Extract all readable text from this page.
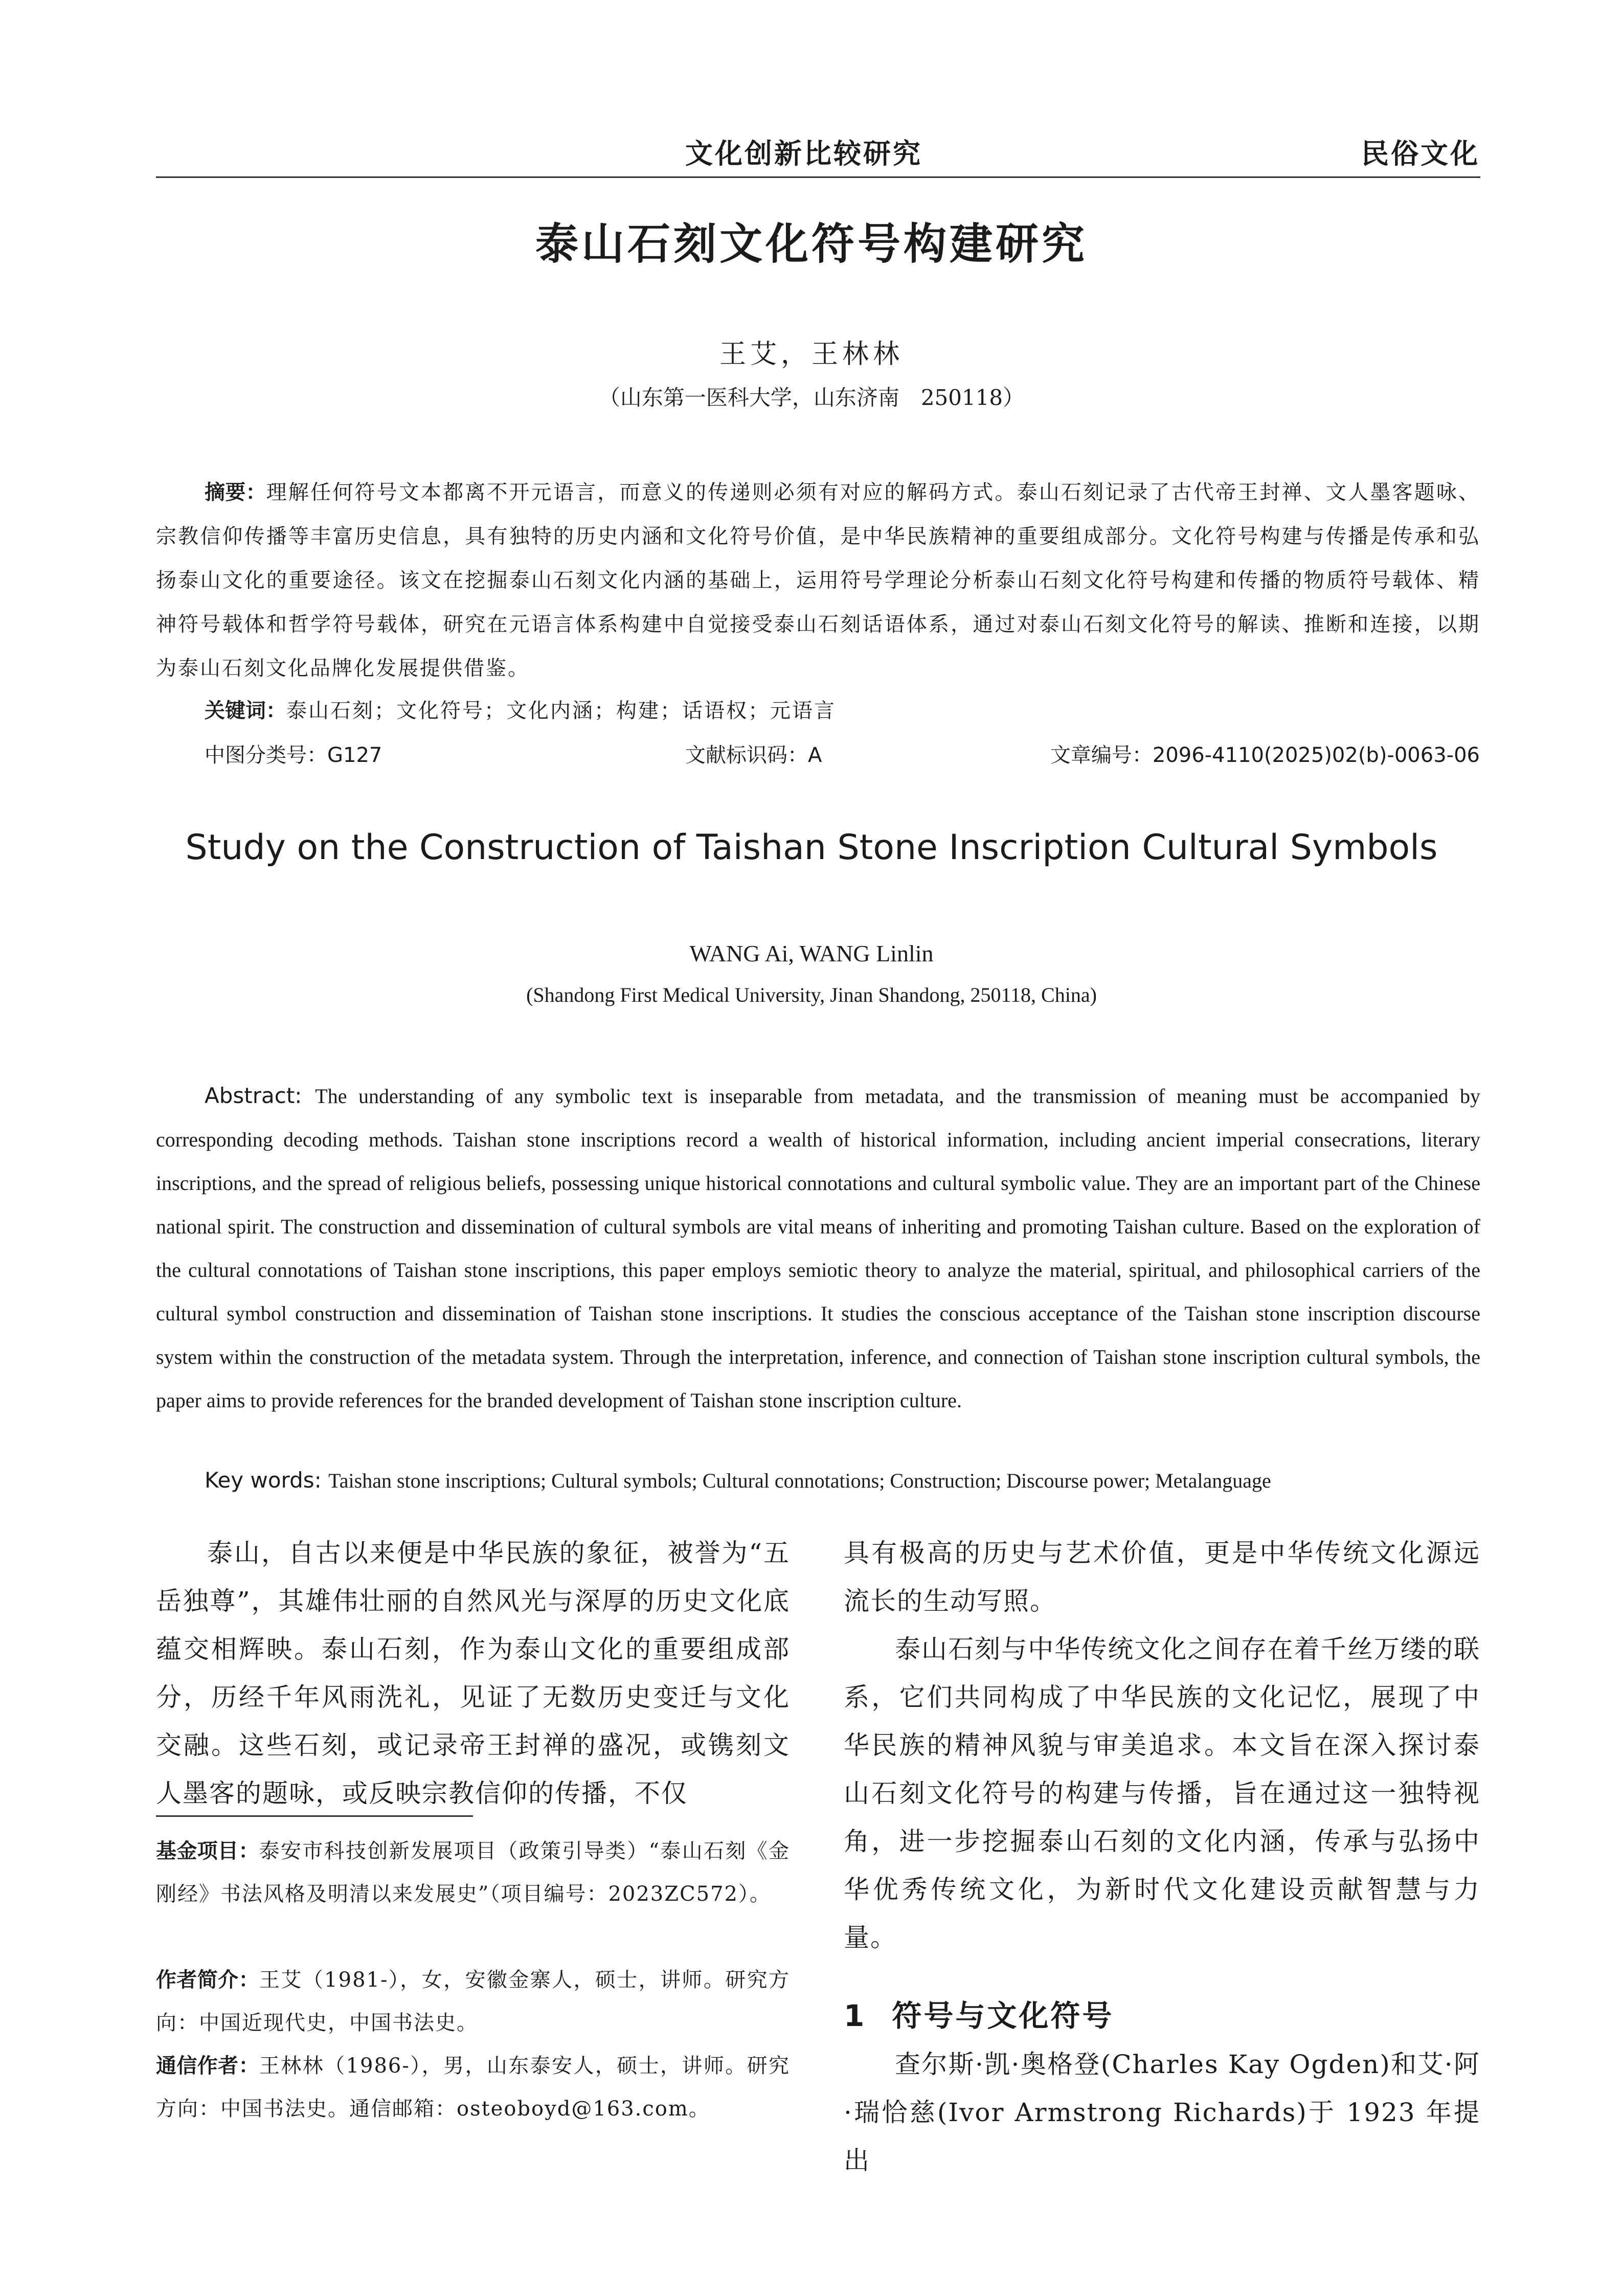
文化创新比较研究	民俗文化
泰山石刻文化符号构建研究
王艾，王林林
（山东第一医科大学，山东济南　250118）
摘要：理解任何符号文本都离不开元语言，而意义的传递则必须有对应的解码方式。泰山石刻记录了古代帝王封禅、文人墨客题咏、宗教信仰传播等丰富历史信息，具有独特的历史内涵和文化符号价值，是中华民族精神的重要组成部分。文化符号构建与传播是传承和弘扬泰山文化的重要途径。该文在挖掘泰山石刻文化内涵的基础上，运用符号学理论分析泰山石刻文化符号构建和传播的物质符号载体、精神符号载体和哲学符号载体，研究在元语言体系构建中自觉接受泰山石刻话语体系，通过对泰山石刻文化符号的解读、推断和连接，以期为泰山石刻文化品牌化发展提供借鉴。
关键词：泰山石刻；文化符号；文化内涵；构建；话语权；元语言
中图分类号：G127	文献标识码：A	文章编号：2096-4110(2025)02(b)-0063-06
Study on the Construction of Taishan Stone Inscription Cultural Symbols
WANG Ai, WANG Linlin
(Shandong First Medical University, Jinan Shandong, 250118, China)
Abstract: The understanding of any symbolic text is inseparable from metadata, and the transmission of meaning must be accompanied by corresponding decoding methods. Taishan stone inscriptions record a wealth of historical information, including ancient imperial consecrations, literary inscriptions, and the spread of religious beliefs, possessing unique historical connotations and cultural symbolic value. They are an important part of the Chinese national spirit. The construction and dissemination of cultural symbols are vital means of inheriting and promoting Taishan culture. Based on the exploration of the cultural connotations of Taishan stone inscriptions, this paper employs semiotic theory to analyze the material, spiritual, and philosophical carriers of the cultural symbol construction and dissemination of Taishan stone inscriptions. It studies the conscious acceptance of the Taishan stone inscription discourse system within the construction of the metadata system. Through the interpretation, inference, and connection of Taishan stone inscription cultural symbols, the paper aims to provide references for the branded development of Taishan stone inscription culture.
Key words: Taishan stone inscriptions; Cultural symbols; Cultural connotations; Construction; Discourse power; Metalanguage

泰山，自古以来便是中华民族的象征，被誉为“五岳独尊”，其雄伟壮丽的自然风光与深厚的历史文化底蕴交相辉映。泰山石刻，作为泰山文化的重要组成部分，历经千年风雨洗礼，见证了无数历史变迁与文化交融。这些石刻，或记录帝王封禅的盛况，或镌刻文人墨客的题咏，或反映宗教信仰的传播，不仅

基金项目：泰安市科技创新发展项目（政策引导类）“泰山石刻《金刚经》书法风格及明清以来发展史”（项目编号：2023ZC572）。
作者简介：王艾（1981-），女，安徽金寨人，硕士，讲师。研究方向：中国近现代史，中国书法史。
通信作者：王林林（1986-），男，山东泰安人，硕士，讲师。研究方向：中国书法史。通信邮箱：osteoboyd@163.com。

具有极高的历史与艺术价值，更是中华传统文化源远流长的生动写照。

泰山石刻与中华传统文化之间存在着千丝万缕的联系，它们共同构成了中华民族的文化记忆，展现了中华民族的精神风貌与审美追求。本文旨在深入探讨泰山石刻文化符号的构建与传播，旨在通过这一独特视角，进一步挖掘泰山石刻的文化内涵，传承与弘扬中华优秀传统文化，为新时代文化建设贡献智慧与力量。

1 符号与文化符号

查尔斯·凯·奥格登(Charles Kay Ogden)和艾·阿·瑞恰慈(Ivor Armstrong Richards)于 1923 年提出
